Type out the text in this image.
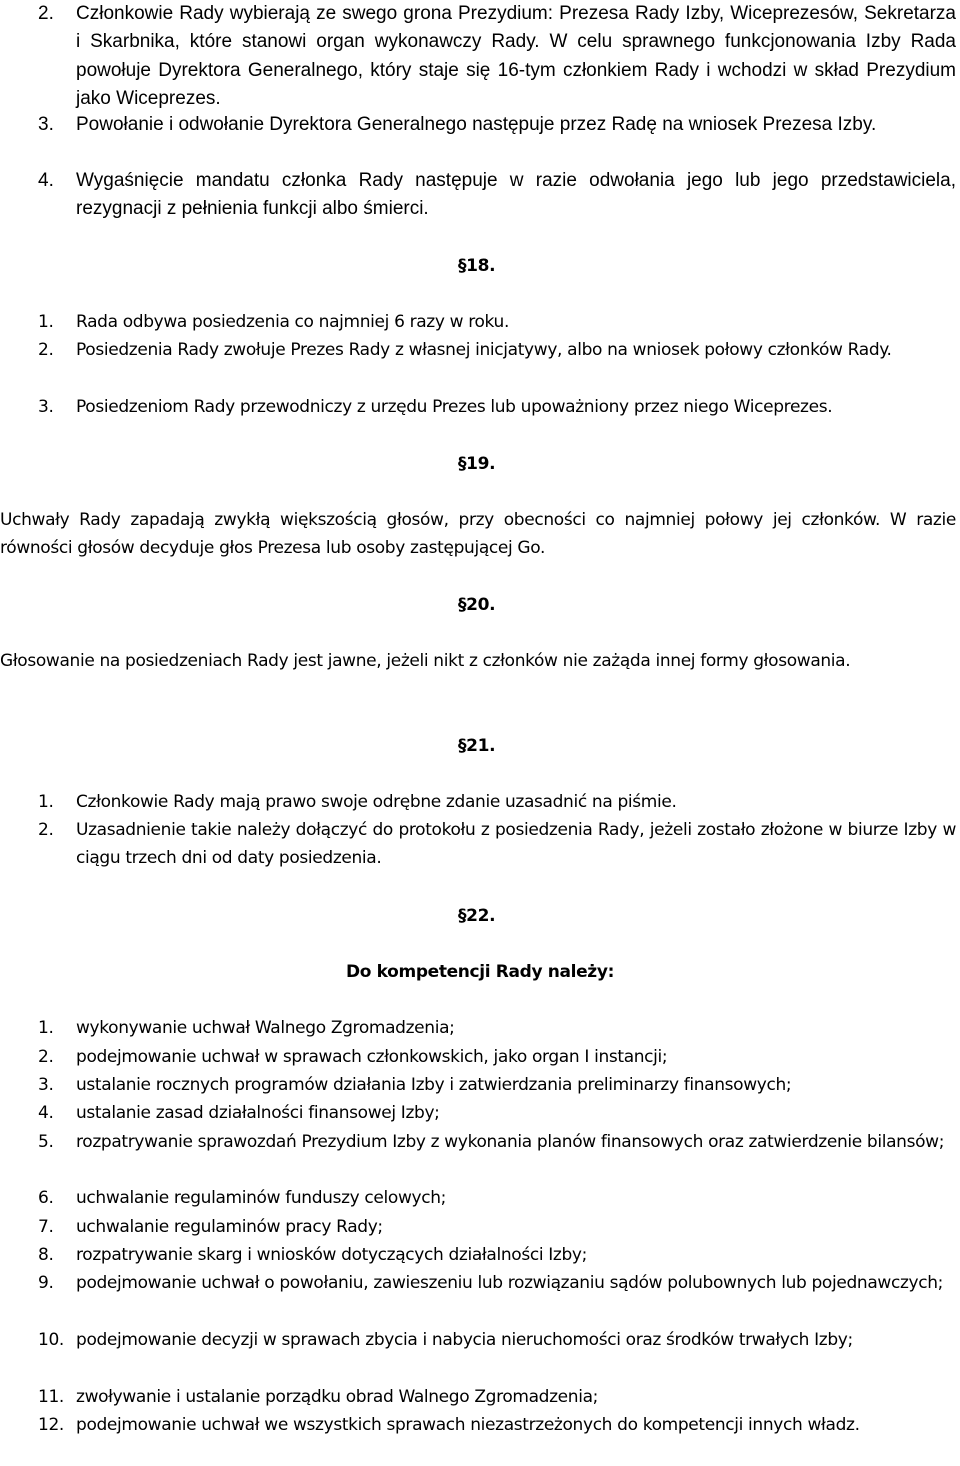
2.	Członkowie Rady wybierają ze swego grona Prezydium: Prezesa Rady Izby, Wiceprezesów, Sekretarza i Skarbnika, które stanowi organ wykonawczy Rady. W celu sprawnego funkcjonowania Izby Rada powołuje Dyrektora Generalnego, który staje się 16-tym członkiem Rady i wchodzi w skład Prezydium jako Wiceprezes.
3.	Powołanie i odwołanie Dyrektora Generalnego następuje przez Radę na wniosek Prezesa Izby.
4.	Wygaśnięcie mandatu członka Rady następuje w razie odwołania jego lub jego przedstawiciela, rezygnacji z pełnienia funkcji albo śmierci.
§18.
1.	Rada odbywa posiedzenia co najmniej 6 razy w roku.
2.	Posiedzenia Rady zwołuje Prezes Rady z własnej inicjatywy, albo na wniosek połowy członków Rady.
3.	Posiedzeniom Rady przewodniczy z urzędu Prezes lub upoważniony przez niego Wiceprezes.
§19.
Uchwały Rady zapadają zwykłą większością głosów, przy obecności co najmniej połowy jej członków. W razie równości głosów decyduje głos Prezesa lub osoby zastępującej Go.
§20.
Głosowanie na posiedzeniach Rady jest jawne, jeżeli nikt z członków nie zażąda innej formy głosowania.
§21.
1.	Członkowie Rady mają prawo swoje odrębne zdanie uzasadnić na piśmie.
2.	Uzasadnienie takie należy dołączyć do protokołu z posiedzenia Rady, jeżeli zostało złożone w biurze Izby w ciągu trzech dni od daty posiedzenia.
§22.
Do kompetencji Rady należy:
1.	wykonywanie uchwał Walnego Zgromadzenia;
2.	podejmowanie uchwał w sprawach członkowskich, jako organ I instancji;
3.	ustalanie rocznych programów działania Izby i zatwierdzania preliminarzy finansowych;
4.	ustalanie zasad działalności finansowej Izby;
5.	rozpatrywanie sprawozdań Prezydium Izby z wykonania planów finansowych oraz zatwierdzenie bilansów;
6.	uchwalanie regulaminów funduszy celowych;
7.	uchwalanie regulaminów pracy Rady;
8.	rozpatrywanie skarg i wniosków dotyczących działalności Izby;
9.	podejmowanie uchwał o powołaniu, zawieszeniu lub rozwiązaniu sądów polubownych lub pojednawczych;
10. podejmowanie decyzji w sprawach zbycia i nabycia nieruchomości oraz środków trwałych Izby;
11. zwoływanie i ustalanie porządku obrad Walnego Zgromadzenia;
12. podejmowanie uchwał we wszystkich sprawach niezastrzeżonych do kompetencji innych władz.
